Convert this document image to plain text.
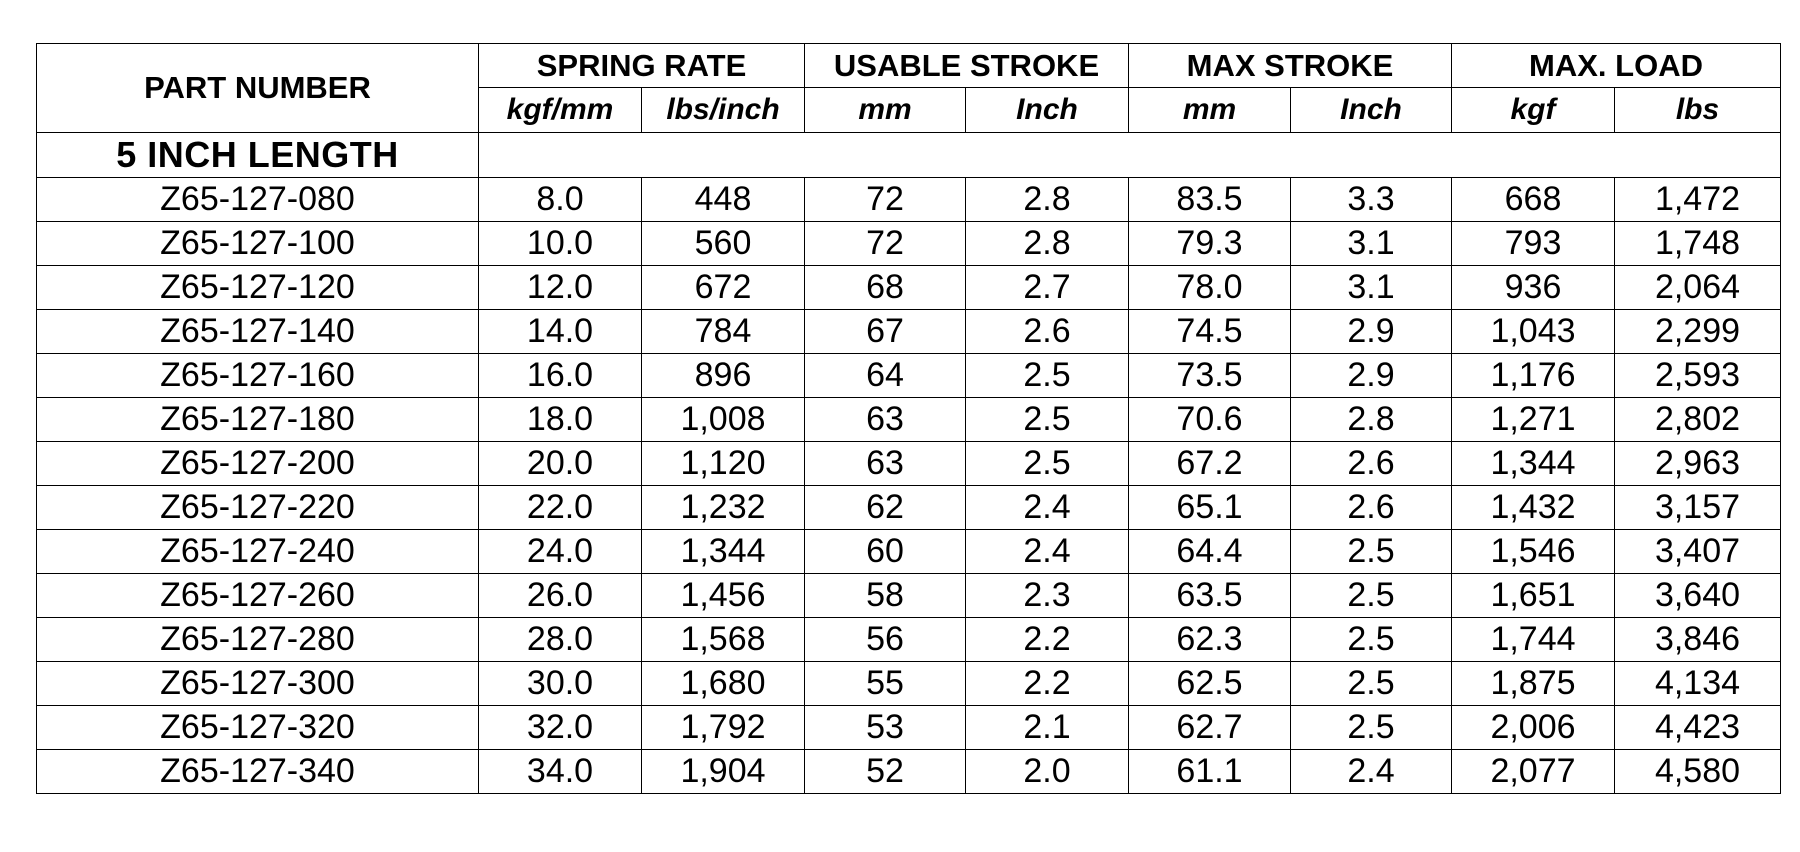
PART NUMBER	SPRING RATE		USABLE STROKE		MAX STROKE		MAX. LOAD	
	kgf/mm	lbs/inch	mm	Inch	mm	Inch	kgf	lbs
5 INCH LENGTH								
Z65-127-080	8.0	448	72	2.8	83.5	3.3	668	1,472
Z65-127-100	10.0	560	72	2.8	79.3	3.1	793	1,748
Z65-127-120	12.0	672	68	2.7	78.0	3.1	936	2,064
Z65-127-140	14.0	784	67	2.6	74.5	2.9	1,043	2,299
Z65-127-160	16.0	896	64	2.5	73.5	2.9	1,176	2,593
Z65-127-180	18.0	1,008	63	2.5	70.6	2.8	1,271	2,802
Z65-127-200	20.0	1,120	63	2.5	67.2	2.6	1,344	2,963
Z65-127-220	22.0	1,232	62	2.4	65.1	2.6	1,432	3,157
Z65-127-240	24.0	1,344	60	2.4	64.4	2.5	1,546	3,407
Z65-127-260	26.0	1,456	58	2.3	63.5	2.5	1,651	3,640
Z65-127-280	28.0	1,568	56	2.2	62.3	2.5	1,744	3,846
Z65-127-300	30.0	1,680	55	2.2	62.5	2.5	1,875	4,134
Z65-127-320	32.0	1,792	53	2.1	62.7	2.5	2,006	4,423
Z65-127-340	34.0	1,904	52	2.0	61.1	2.4	2,077	4,580
